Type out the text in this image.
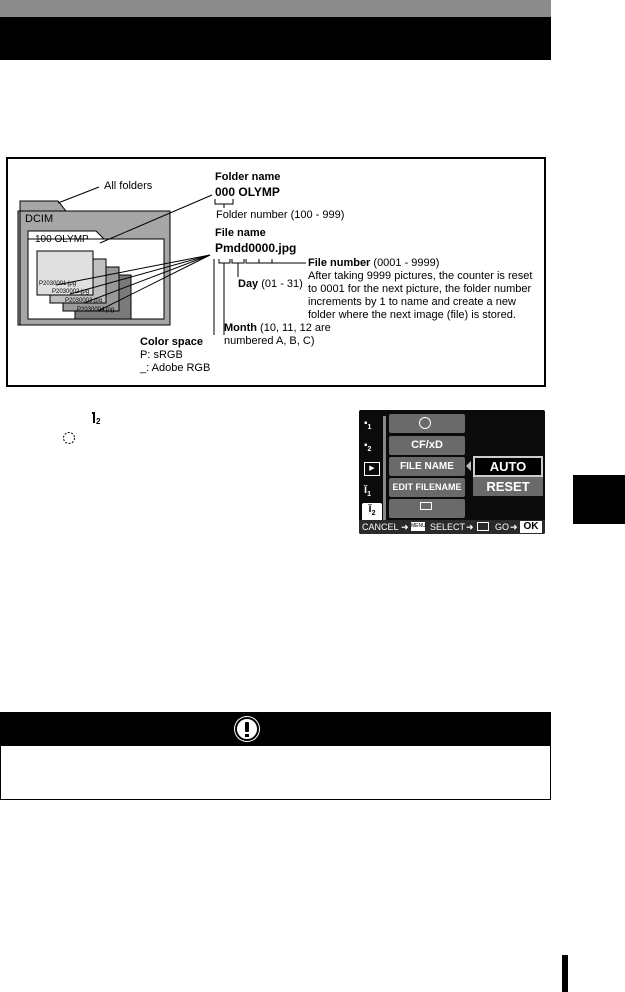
All folders
DCIM
100 OLYMP
P2030001.jpg
P2030002.jpg
P2030003.jpg
P2030004.jpg
Folder name
000 OLYMP
Folder number (100 - 999)
File name
Pmdd0000.jpg
File number (0001 - 9999)
After taking 9999 pictures, the counter is reset
to 0001 for the next picture, the folder number
increments by 1 to name and create a new
folder where the next image (file) is stored.
Day (01 - 31)
Month (10, 11, 12 are
numbered A, B, C)
Color space
P: sRGB
_: Adobe RGB
2	$▪_1$
$▪_2$
▶
$ǐ_1$
$ǐ_2$
CF/xD
FILE NAME
EDIT FILENAME
AUTO
RESET
CANCEL ➜ MENU SELECT ➜ GO ➜ OK
